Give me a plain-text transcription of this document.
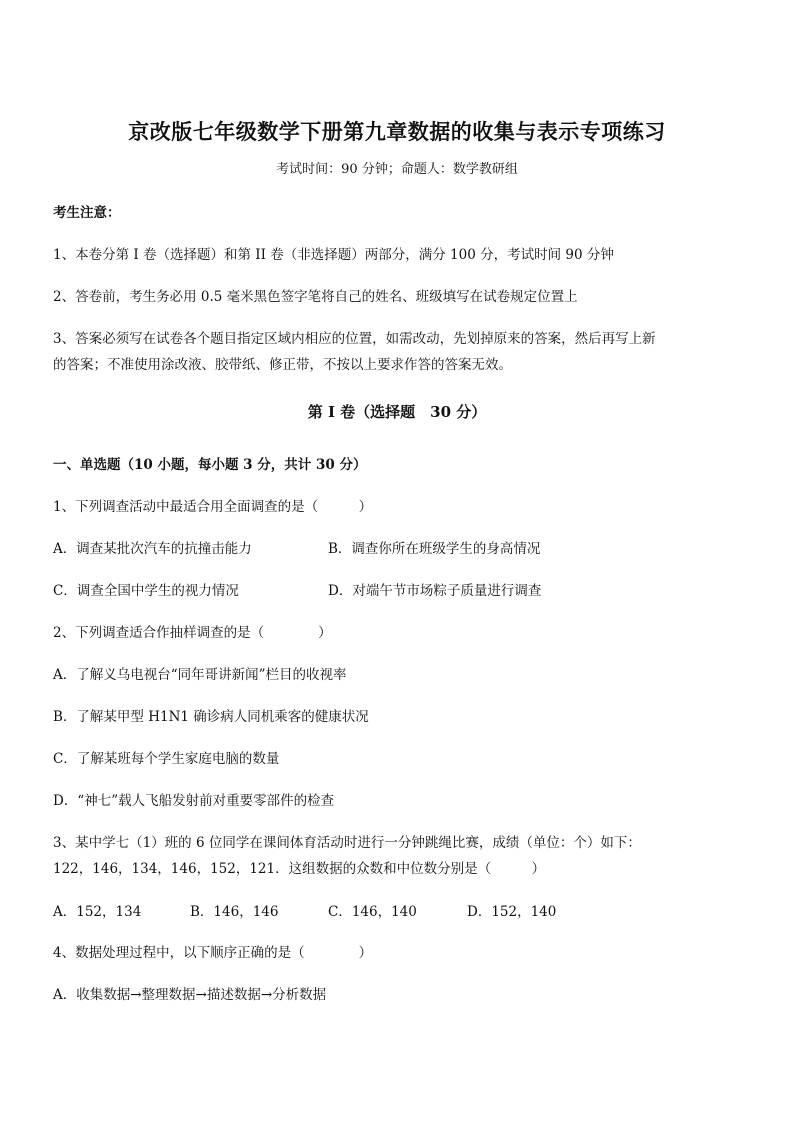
京改版七年级数学下册第九章数据的收集与表示专项练习
考试时间：90 分钟；命题人：数学教研组
考生注意：
1、本卷分第 I 卷（选择题）和第 II 卷（非选择题）两部分，满分 100 分，考试时间 90 分钟
2、答卷前，考生务必用 0.5 毫米黑色签字笔将自己的姓名、班级填写在试卷规定位置上
3、答案必须写在试卷各个题目指定区域内相应的位置，如需改动，先划掉原来的答案，然后再写上新
的答案；不准使用涂改液、胶带纸、修正带，不按以上要求作答的答案无效。
第 I 卷（选择题　30 分）
一、单选题（10 小题，每小题 3 分，共计 30 分）
1、下列调查活动中最适合用全面调查的是（　　　）
A．调查某批次汽车的抗撞击能力	B．调查你所在班级学生的身高情况
C．调查全国中学生的视力情况	D．对端午节市场粽子质量进行调查
2、下列调查适合作抽样调查的是（　　　　）
A．了解义乌电视台“同年哥讲新闻”栏目的收视率
B．了解某甲型 H1N1 确诊病人同机乘客的健康状况
C．了解某班每个学生家庭电脑的数量
D．“神七”载人飞船发射前对重要零部件的检查
3、某中学七（1）班的 6 位同学在课间体育活动时进行一分钟跳绳比赛，成绩（单位：个）如下：
122，146，134，146，152，121．这组数据的众数和中位数分别是（　　　）
A．152，134	B．146，146	C．146，140	D．152，140
4、数据处理过程中，以下顺序正确的是（　　　　）
A．收集数据→整理数据→描述数据→分析数据
